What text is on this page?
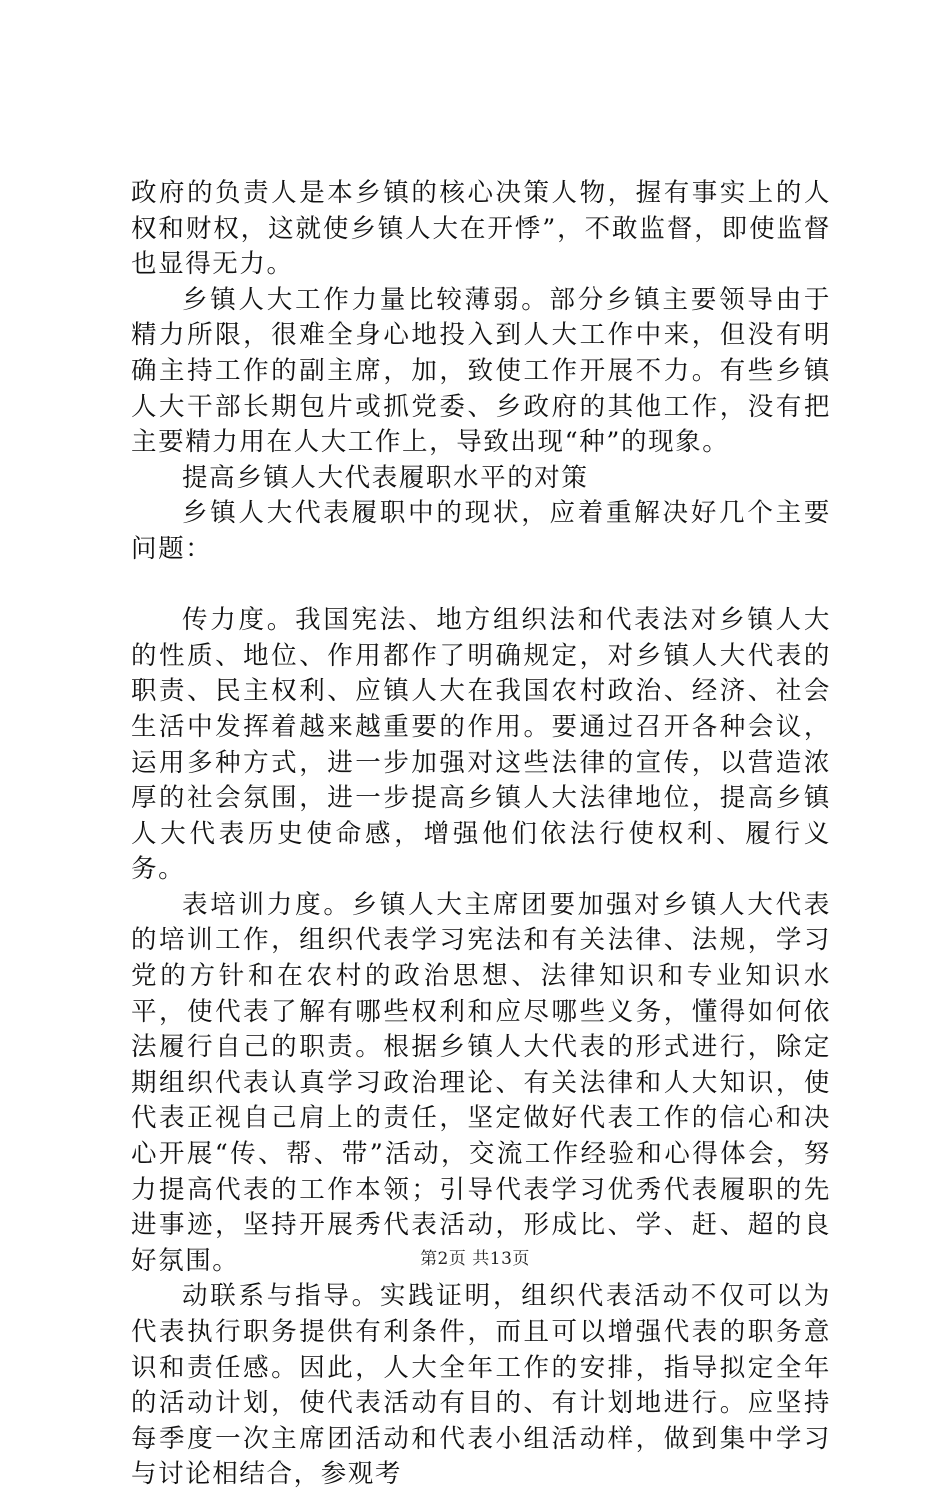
政府的负责人是本乡镇的核心决策人物，握有事实上的人权和财权，这就使乡镇人大在开悸”，不敢监督，即使监督也显得无力。

乡镇人大工作力量比较薄弱。部分乡镇主要领导由于精力所限，很难全身心地投入到人大工作中来，但没有明确主持工作的副主席，加，致使工作开展不力。有些乡镇人大干部长期包片或抓党委、乡政府的其他工作，没有把主要精力用在人大工作上，导致出现“种”的现象。

提高乡镇人大代表履职水平的对策

乡镇人大代表履职中的现状，应着重解决好几个主要问题：

传力度。我国宪法、地方组织法和代表法对乡镇人大的性质、地位、作用都作了明确规定，对乡镇人大代表的职责、民主权利、应镇人大在我国农村政治、经济、社会生活中发挥着越来越重要的作用。要通过召开各种会议，运用多种方式，进一步加强对这些法律的宣传，以营造浓厚的社会氛围，进一步提高乡镇人大法律地位，提高乡镇人大代表历史使命感，增强他们依法行使权利、履行义务。

表培训力度。乡镇人大主席团要加强对乡镇人大代表的培训工作，组织代表学习宪法和有关法律、法规，学习党的方针和在农村的政治思想、法律知识和专业知识水平，使代表了解有哪些权利和应尽哪些义务，懂得如何依法履行自己的职责。根据乡镇人大代表的形式进行，除定期组织代表认真学习政治理论、有关法律和人大知识，使代表正视自己肩上的责任，坚定做好代表工作的信心和决心开展“传、帮、带”活动，交流工作经验和心得体会，努力提高代表的工作本领；引导代表学习优秀代表履职的先进事迹，坚持开展秀代表活动，形成比、学、赶、超的良好氛围。

动联系与指导。实践证明，组织代表活动不仅可以为代表执行职务提供有利条件，而且可以增强代表的职务意识和责任感。因此，人大全年工作的安排，指导拟定全年的活动计划，使代表活动有目的、有计划地进行。应坚持每季度一次主席团活动和代表小组活动样，做到集中学习与讨论相结合，参观考

第2页 共13页
